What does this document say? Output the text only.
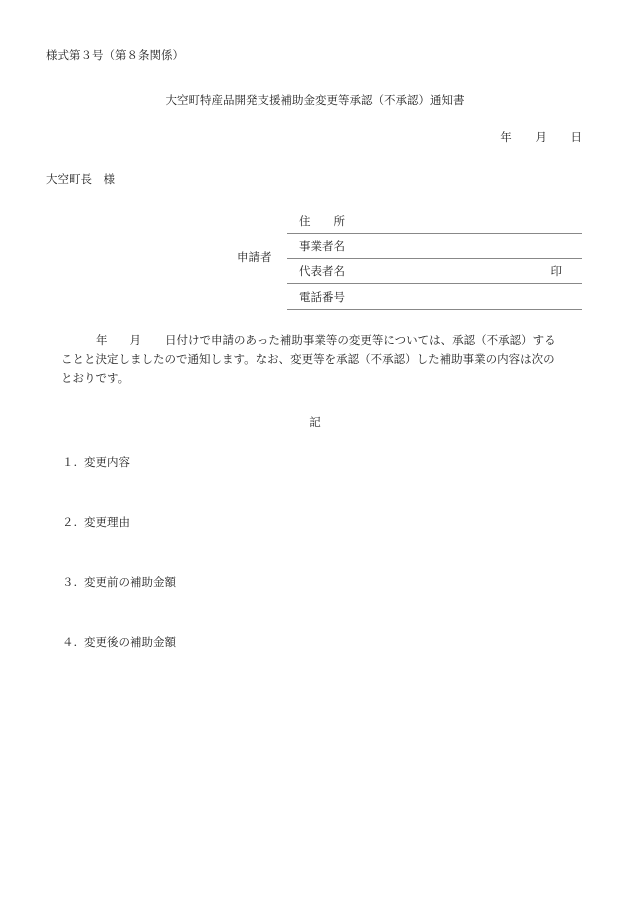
様式第３号（第８条関係）
大空町特産品開発支援補助金変更等承認（不承認）通知書
年 月 日
大空町長　様
申請者
住　　所
事業者名
代表者名	印
電話番号
年 月 日付けで申請のあった補助事業等の変更等については、承認（不承認）する
ことと決定しましたので通知します。なお、変更等を承認（不承認）した補助事業の内容は次の
とおりです。
記
１. 変更内容
２. 変更理由
３. 変更前の補助金額
４. 変更後の補助金額
